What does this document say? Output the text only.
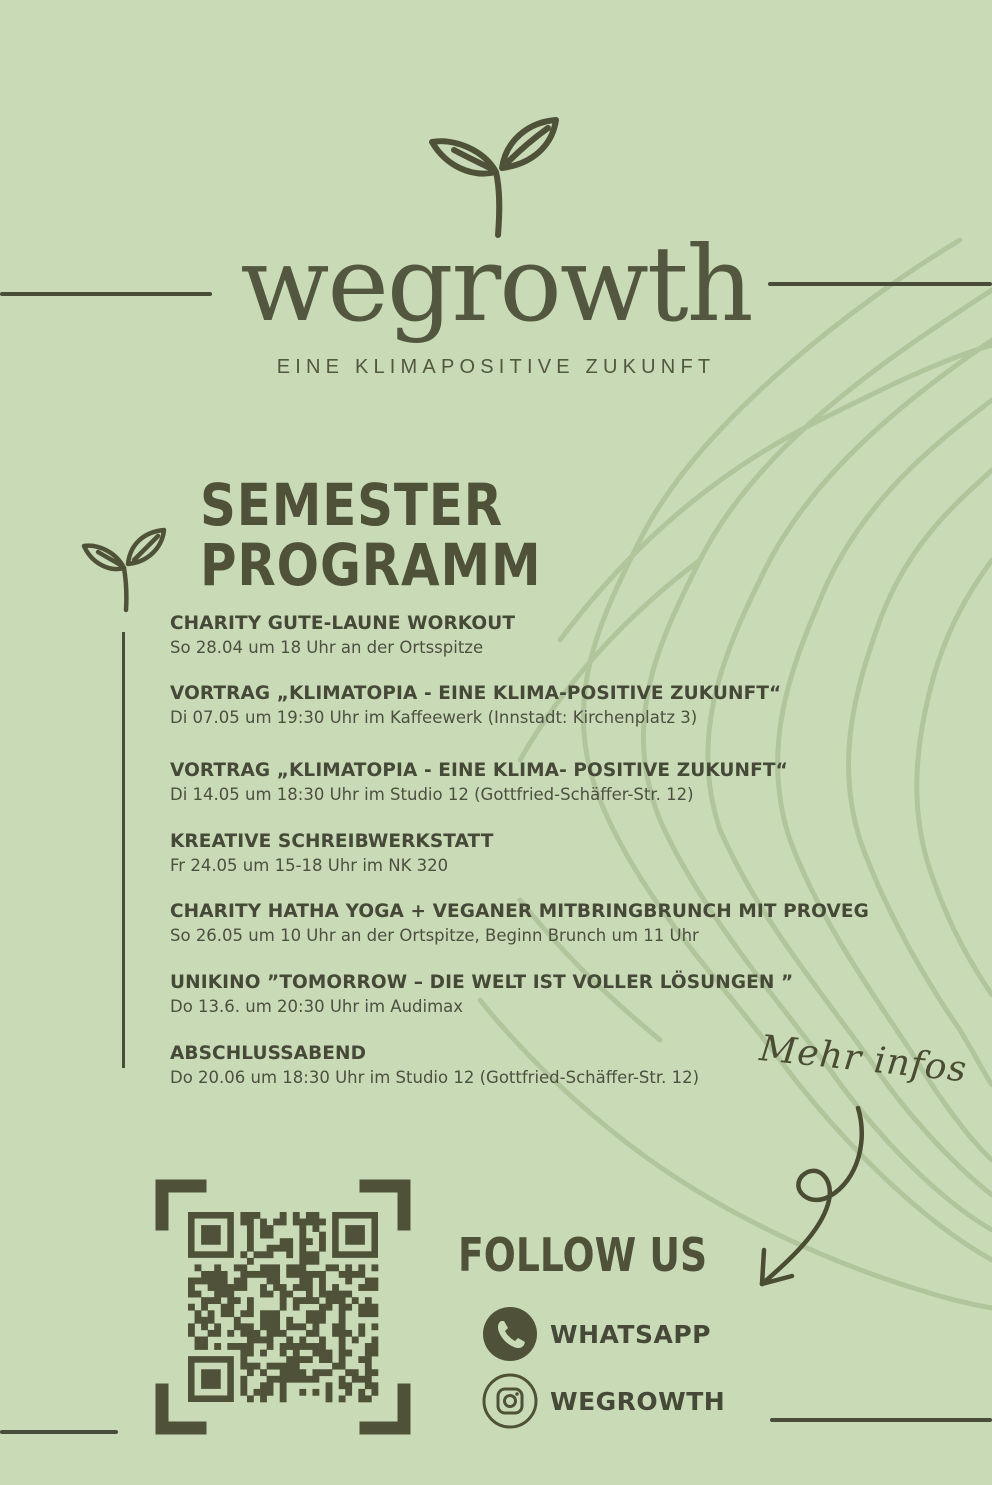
wegrowth
EINE KLIMAPOSITIVE ZUKUNFT
SEMESTER
PROGRAMM
CHARITY GUTE-LAUNE WORKOUT
So 28.04 um 18 Uhr an der Ortsspitze
VORTRAG „KLIMATOPIA - EINE KLIMA-POSITIVE ZUKUNFT“
Di 07.05 um 19:30 Uhr im Kaffeewerk (Innstadt: Kirchenplatz 3)
VORTRAG „KLIMATOPIA - EINE KLIMA- POSITIVE ZUKUNFT“
Di 14.05 um 18:30 Uhr im Studio 12 (Gottfried-Schäffer-Str. 12)
KREATIVE SCHREIBWERKSTATT
Fr 24.05 um 15-18 Uhr im NK 320
CHARITY HATHA YOGA + VEGANER MITBRINGBRUNCH MIT PROVEG
So 26.05 um 10 Uhr an der Ortspitze, Beginn Brunch um 11 Uhr
UNIKINO ”TOMORROW – DIE WELT IST VOLLER LÖSUNGEN ”
Do 13.6. um 20:30 Uhr im Audimax
ABSCHLUSSABEND
Do 20.06 um 18:30 Uhr im Studio 12 (Gottfried-Schäffer-Str. 12) Mehr infos
FOLLOW US
WHATSAPP
WEGROWTH
